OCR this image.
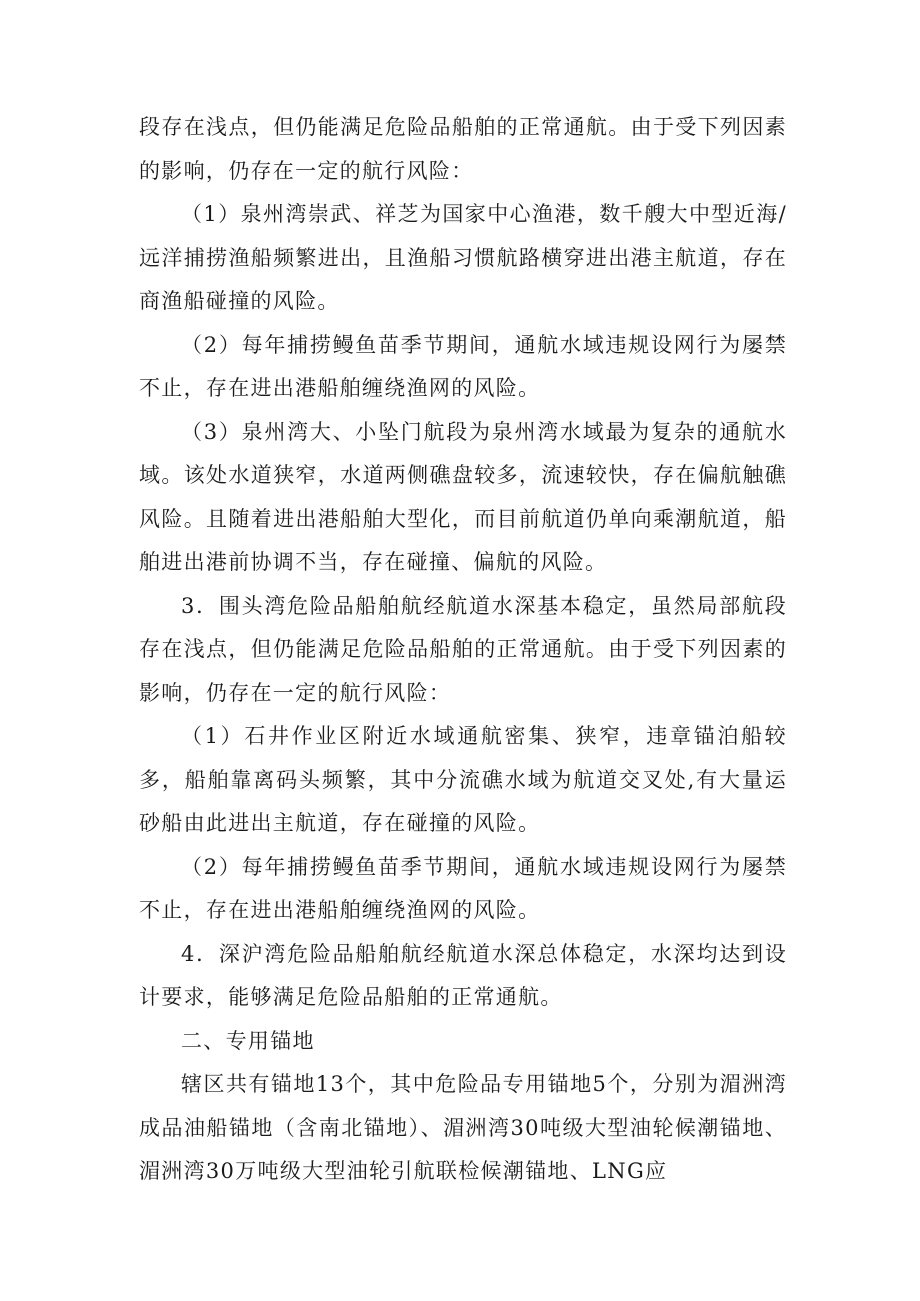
段存在浅点，但仍能满足危险品船舶的正常通航。由于受下列因素的影响，仍存在一定的航行风险：

（1）泉州湾崇武、祥芝为国家中心渔港，数千艘大中型近海/远洋捕捞渔船频繁进出，且渔船习惯航路横穿进出港主航道，存在商渔船碰撞的风险。

（2）每年捕捞鳗鱼苗季节期间，通航水域违规设网行为屡禁不止，存在进出港船舶缠绕渔网的风险。

（3）泉州湾大、小坠门航段为泉州湾水域最为复杂的通航水域。该处水道狭窄，水道两侧礁盘较多，流速较快，存在偏航触礁风险。且随着进出港船舶大型化，而目前航道仍单向乘潮航道，船舶进出港前协调不当，存在碰撞、偏航的风险。

3．围头湾危险品船舶航经航道水深基本稳定，虽然局部航段存在浅点，但仍能满足危险品船舶的正常通航。由于受下列因素的影响，仍存在一定的航行风险：

（1）石井作业区附近水域通航密集、狭窄，违章锚泊船较多，船舶靠离码头频繁，其中分流礁水域为航道交叉处,有大量运砂船由此进出主航道，存在碰撞的风险。

（2）每年捕捞鳗鱼苗季节期间，通航水域违规设网行为屡禁不止，存在进出港船舶缠绕渔网的风险。

4．深沪湾危险品船舶航经航道水深总体稳定，水深均达到设计要求，能够满足危险品船舶的正常通航。

二、专用锚地

辖区共有锚地13个，其中危险品专用锚地5个，分别为湄洲湾成品油船锚地（含南北锚地）、湄洲湾30吨级大型油轮候潮锚地、湄洲湾30万吨级大型油轮引航联检候潮锚地、LNG应
